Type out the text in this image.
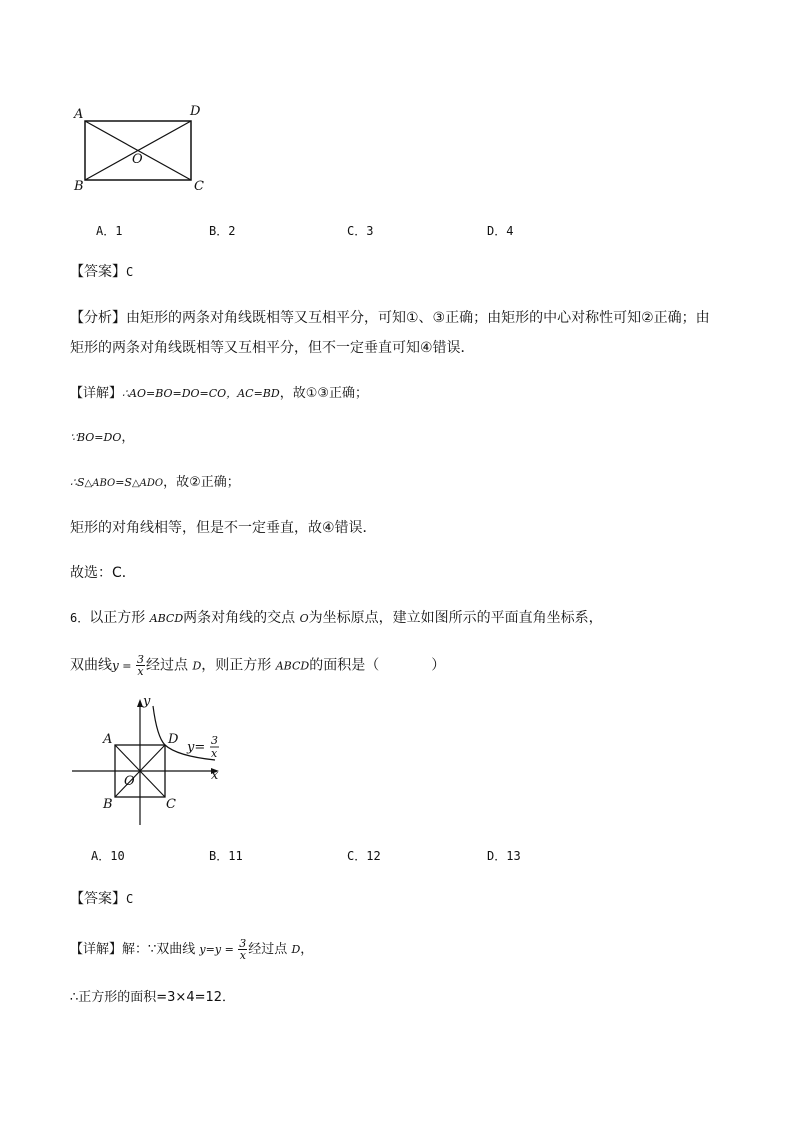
A	D
B	C
O
A．1	B．2	C．3	D．4
【答案】C
【分析】由矩形的两条对角线既相等又互相平分，可知①、③正确；由矩形的中心对称性可知②正确；由
矩形的两条对角线既相等又互相平分，但不一定垂直可知④错误．
【详解】∴AO=BO=DO=CO，AC=BD，故①③正确；
∵BO=DO，
∴S△ABO=S△ADO，故②正确；
矩形的对角线相等，但是不一定垂直，故④错误．
故选：C．
6．以正方形 ABCD两条对角线的交点 O为坐标原点，建立如图所示的平面直角坐标系，
双曲线$y = \frac{3}{x}$ 经过点 D，则正方形 ABCD的面积是（	）
y
x
A	D
B	C
O
y= 3
x
A．10	B．11	C．12	D．13
【答案】C
【详解】解：∵双曲线 $y=y = \frac{3}{x}$ 经过点 D，
∴正方形的面积=3×4=12．
